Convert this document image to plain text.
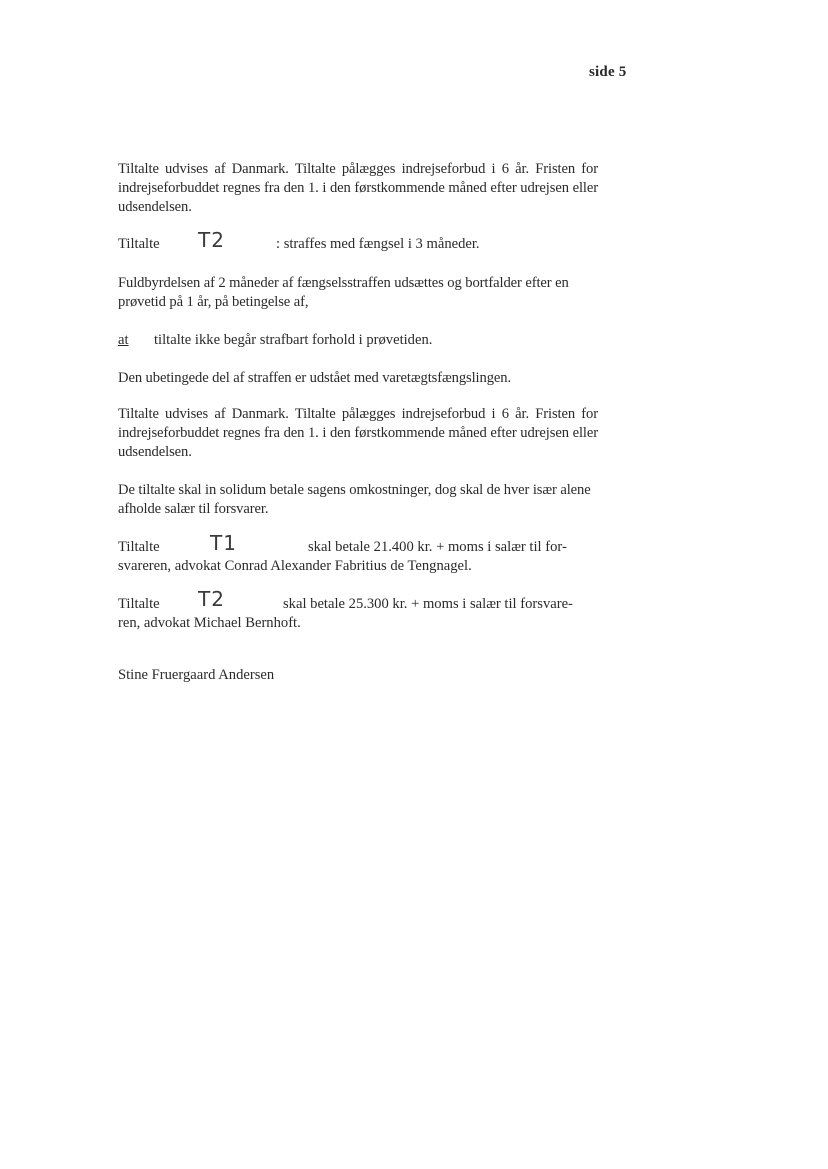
side 5

Tiltalte udvises af Danmark. Tiltalte pålægges indrejseforbud i 6 år. Fristen for indrejseforbuddet regnes fra den 1. i den førstkommende måned efter udrejsen eller udsendelsen.

Tiltalte T2	: straffes med fængsel i 3 måneder.

Fuldbyrdelsen af 2 måneder af fængselsstraffen udsættes og bortfalder efter en prøvetid på 1 år, på betingelse af,

at tiltalte ikke begår strafbart forhold i prøvetiden.

Den ubetingede del af straffen er udstået med varetægtsfængslingen.

Tiltalte udvises af Danmark. Tiltalte pålægges indrejseforbud i 6 år. Fristen for indrejseforbuddet regnes fra den 1. i den førstkommende måned efter udrejsen eller udsendelsen.

De tiltalte skal in solidum betale sagens omkostninger, dog skal de hver især alene afholde salær til forsvarer.

Tiltalte	T1	skal betale 21.400 kr. + moms i salær til for-
svareren, advokat Conrad Alexander Fabritius de Tengnagel.
Tiltalte T2	skal betale 25.300 kr. + moms i salær til forsvare-
ren, advokat Michael Bernhoft.
Stine Fruergaard Andersen
